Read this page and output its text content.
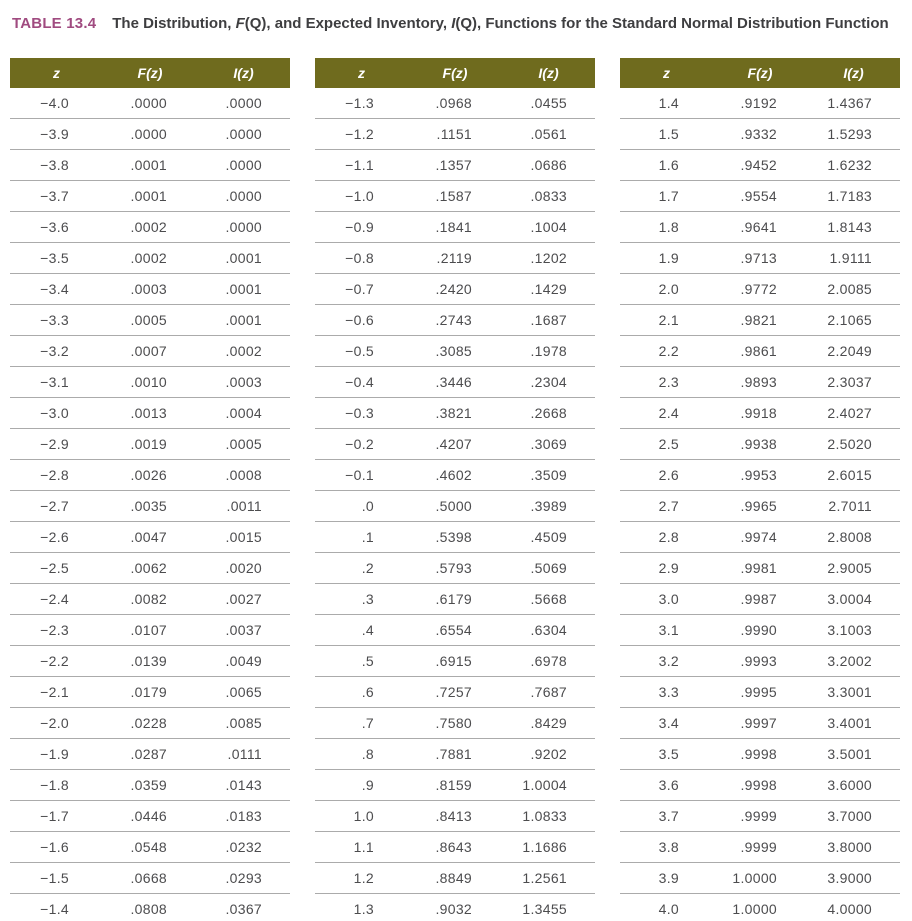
TABLE 13.4 The Distribution, F(Q), and Expected Inventory, I(Q), Functions for the Standard Normal Distribution Function
z	F(z)	I(z)
−4.0	.0000	.0000
−3.9	.0000	.0000
−3.8	.0001	.0000
−3.7	.0001	.0000
−3.6	.0002	.0000
−3.5	.0002	.0001
−3.4	.0003	.0001
−3.3	.0005	.0001
−3.2	.0007	.0002
−3.1	.0010	.0003
−3.0	.0013	.0004
−2.9	.0019	.0005
−2.8	.0026	.0008
−2.7	.0035	.0011
−2.6	.0047	.0015
−2.5	.0062	.0020
−2.4	.0082	.0027
−2.3	.0107	.0037
−2.2	.0139	.0049
−2.1	.0179	.0065
−2.0	.0228	.0085
−1.9	.0287	.0111
−1.8	.0359	.0143
−1.7	.0446	.0183
−1.6	.0548	.0232
−1.5	.0668	.0293
−1.4	.0808	.0367
z	F(z)	I(z)
−1.3	.0968	.0455
−1.2	.1151	.0561
−1.1	.1357	.0686
−1.0	.1587	.0833
−0.9	.1841	.1004
−0.8	.2119	.1202
−0.7	.2420	.1429
−0.6	.2743	.1687
−0.5	.3085	.1978
−0.4	.3446	.2304
−0.3	.3821	.2668
−0.2	.4207	.3069
−0.1	.4602	.3509
.0	.5000	.3989
.1	.5398	.4509
.2	.5793	.5069
.3	.6179	.5668
.4	.6554	.6304
.5	.6915	.6978
.6	.7257	.7687
.7	.7580	.8429
.8	.7881	.9202
.9	.8159	1.0004
1.0	.8413	1.0833
1.1	.8643	1.1686
1.2	.8849	1.2561
1.3	.9032	1.3455
z	F(z)	I(z)
1.4	.9192	1.4367
1.5	.9332	1.5293
1.6	.9452	1.6232
1.7	.9554	1.7183
1.8	.9641	1.8143
1.9	.9713	1.9111
2.0	.9772	2.0085
2.1	.9821	2.1065
2.2	.9861	2.2049
2.3	.9893	2.3037
2.4	.9918	2.4027
2.5	.9938	2.5020
2.6	.9953	2.6015
2.7	.9965	2.7011
2.8	.9974	2.8008
2.9	.9981	2.9005
3.0	.9987	3.0004
3.1	.9990	3.1003
3.2	.9993	3.2002
3.3	.9995	3.3001
3.4	.9997	3.4001
3.5	.9998	3.5001
3.6	.9998	3.6000
3.7	.9999	3.7000
3.8	.9999	3.8000
3.9	1.0000	3.9000
4.0	1.0000	4.0000
